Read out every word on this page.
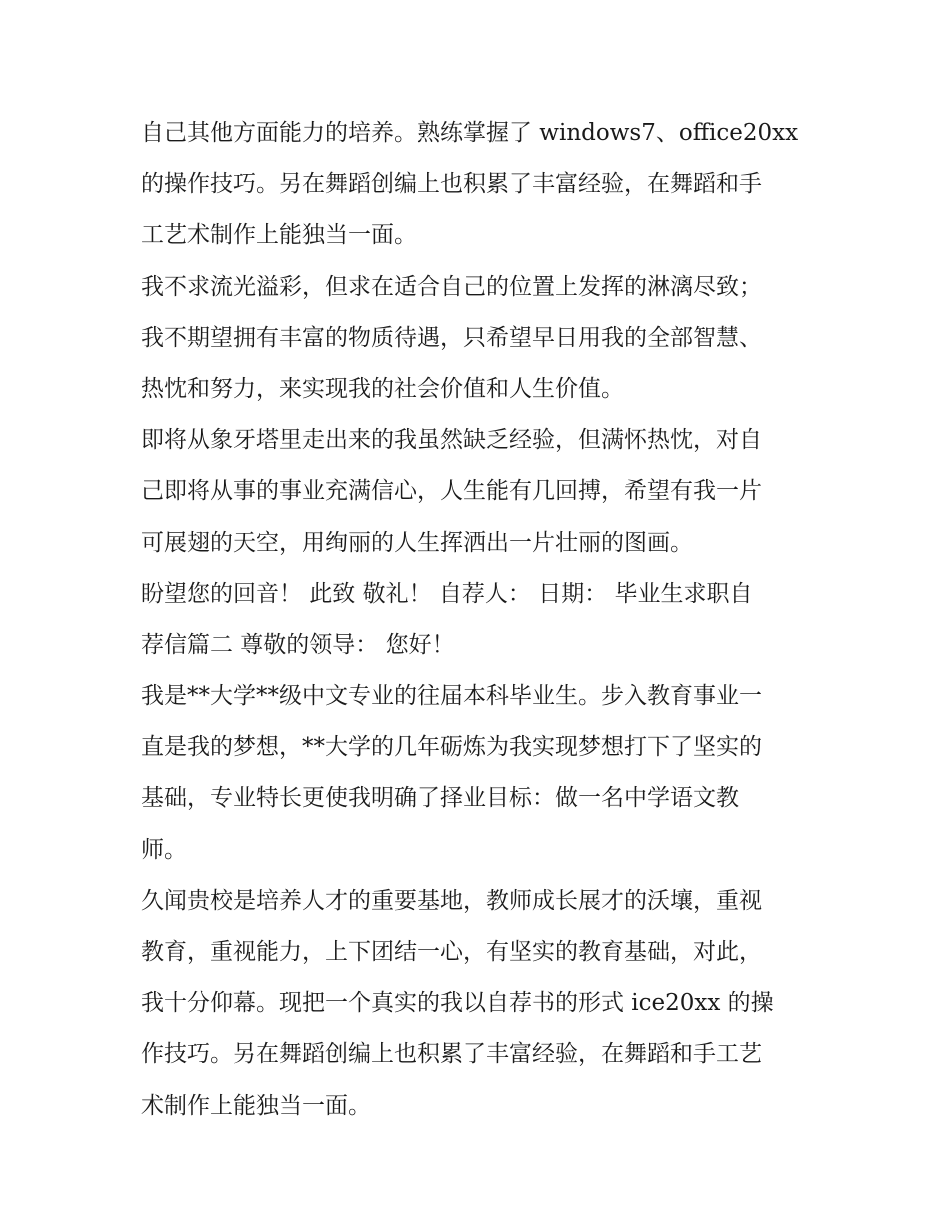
自己其他方面能力的培养。熟练掌握了 windows7、office20xx
的操作技巧。另在舞蹈创编上也积累了丰富经验，在舞蹈和手
工艺术制作上能独当一面。
我不求流光溢彩，但求在适合自己的位置上发挥的淋漓尽致；
我不期望拥有丰富的物质待遇，只希望早日用我的全部智慧、
热忱和努力，来实现我的社会价值和人生价值。
即将从象牙塔里走出来的我虽然缺乏经验，但满怀热忱，对自
己即将从事的事业充满信心，人生能有几回搏，希望有我一片
可展翅的天空，用绚丽的人生挥洒出一片壮丽的图画。
盼望您的回音！ 此致 敬礼！ 自荐人： 日期： 毕业生求职自
荐信篇二 尊敬的领导： 您好！
我是**大学**级中文专业的往届本科毕业生。步入教育事业一
直是我的梦想，**大学的几年砺炼为我实现梦想打下了坚实的
基础，专业特长更使我明确了择业目标：做一名中学语文教
师。
久闻贵校是培养人才的重要基地，教师成长展才的沃壤，重视
教育，重视能力，上下团结一心，有坚实的教育基础，对此，
我十分仰幕。现把一个真实的我以自荐书的形式 ice20xx 的操
作技巧。另在舞蹈创编上也积累了丰富经验，在舞蹈和手工艺
术制作上能独当一面。
